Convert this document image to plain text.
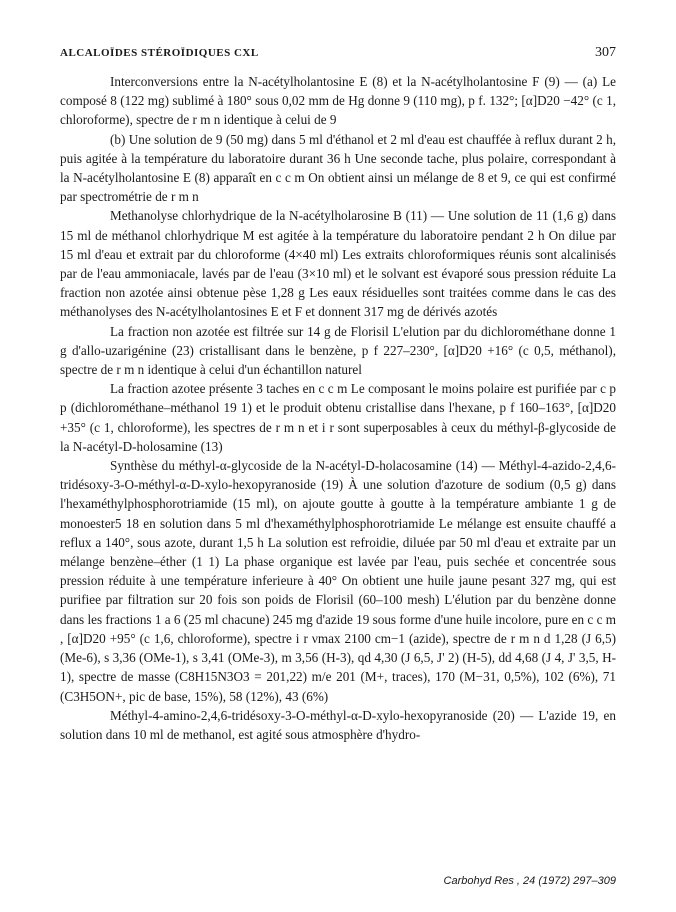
ALCALOÏDES STÉROÏDIQUES CXL	307

Interconversions entre la N-acétylholantosine E (8) et la N-acétylholantosine F (9) — (a) Le composé 8 (122 mg) sublimé à 180° sous 0,02 mm de Hg donne 9 (110 mg), p f. 132°; [α]D20 −42° (c 1, chloroforme), spectre de r m n identique à celui de 9

(b) Une solution de 9 (50 mg) dans 5 ml d'éthanol et 2 ml d'eau est chauffée à reflux durant 2 h, puis agitée à la température du laboratoire durant 36 h Une seconde tache, plus polaire, correspondant à la N-acétylholantosine E (8) apparaît en c c m On obtient ainsi un mélange de 8 et 9, ce qui est confirmé par spectrométrie de r m n

Methanolyse chlorhydrique de la N-acétylholarosine B (11) — Une solution de 11 (1,6 g) dans 15 ml de méthanol chlorhydrique M est agitée à la température du laboratoire pendant 2 h On dilue par 15 ml d'eau et extrait par du chloroforme (4×40 ml) Les extraits chloroformiques réunis sont alcalinisés par de l'eau ammoniacale, lavés par de l'eau (3×10 ml) et le solvant est évaporé sous pression réduite La fraction non azotée ainsi obtenue pèse 1,28 g Les eaux résiduelles sont traitées comme dans le cas des méthanolyses des N-acétylholantosines E et F et donnent 317 mg de dérivés azotés

La fraction non azotée est filtrée sur 14 g de Florisil L'elution par du dichlorométhane donne 1 g d'allo-uzarigénine (23) cristallisant dans le benzène, p f 227–230°, [α]D20 +16° (c 0,5, méthanol), spectre de r m n identique à celui d'un échantillon naturel

La fraction azotee présente 3 taches en c c m Le composant le moins polaire est purifiée par c p p (dichlorométhane–méthanol 19 1) et le produit obtenu cristallise dans l'hexane, p f 160–163°, [α]D20 +35° (c 1, chloroforme), les spectres de r m n et i r sont superposables à ceux du méthyl-β-glycoside de la N-acétyl-D-holosamine (13)

Synthèse du méthyl-α-glycoside de la N-acétyl-D-holacosamine (14) — Méthyl-4-azido-2,4,6-tridésoxy-3-O-méthyl-α-D-xylo-hexopyranoside (19) À une solution d'azoture de sodium (0,5 g) dans l'hexaméthylphosphorotriamide (15 ml), on ajoute goutte à goutte à la température ambiante 1 g de monoester5 18 en solution dans 5 ml d'hexaméthylphosphorotriamide Le mélange est ensuite chauffé a reflux a 140°, sous azote, durant 1,5 h La solution est refroidie, diluée par 50 ml d'eau et extraite par un mélange benzène–éther (1 1) La phase organique est lavée par l'eau, puis sechée et concentrée sous pression réduite à une température inferieure à 40° On obtient une huile jaune pesant 327 mg, qui est purifiee par filtration sur 20 fois son poids de Florisil (60–100 mesh) L'élution par du benzène donne dans les fractions 1 a 6 (25 ml chacune) 245 mg d'azide 19 sous forme d'une huile incolore, pure en c c m , [α]D20 +95° (c 1,6, chloroforme), spectre i r νmax 2100 cm−1 (azide), spectre de r m n d 1,28 (J 6,5) (Me-6), s 3,36 (OMe-1), s 3,41 (OMe-3), m 3,56 (H-3), qd 4,30 (J 6,5, J' 2) (H-5), dd 4,68 (J 4, J' 3,5, H-1), spectre de masse (C8H15N3O3 = 201,22) m/e 201 (M+, traces), 170 (M−31, 0,5%), 102 (6%), 71 (C3H5ON+, pic de base, 15%), 58 (12%), 43 (6%)

Méthyl-4-amino-2,4,6-tridésoxy-3-O-méthyl-α-D-xylo-hexopyranoside (20) — L'azide 19, en solution dans 10 ml de methanol, est agité sous atmosphère d'hydro-

Carbohyd Res , 24 (1972) 297–309
